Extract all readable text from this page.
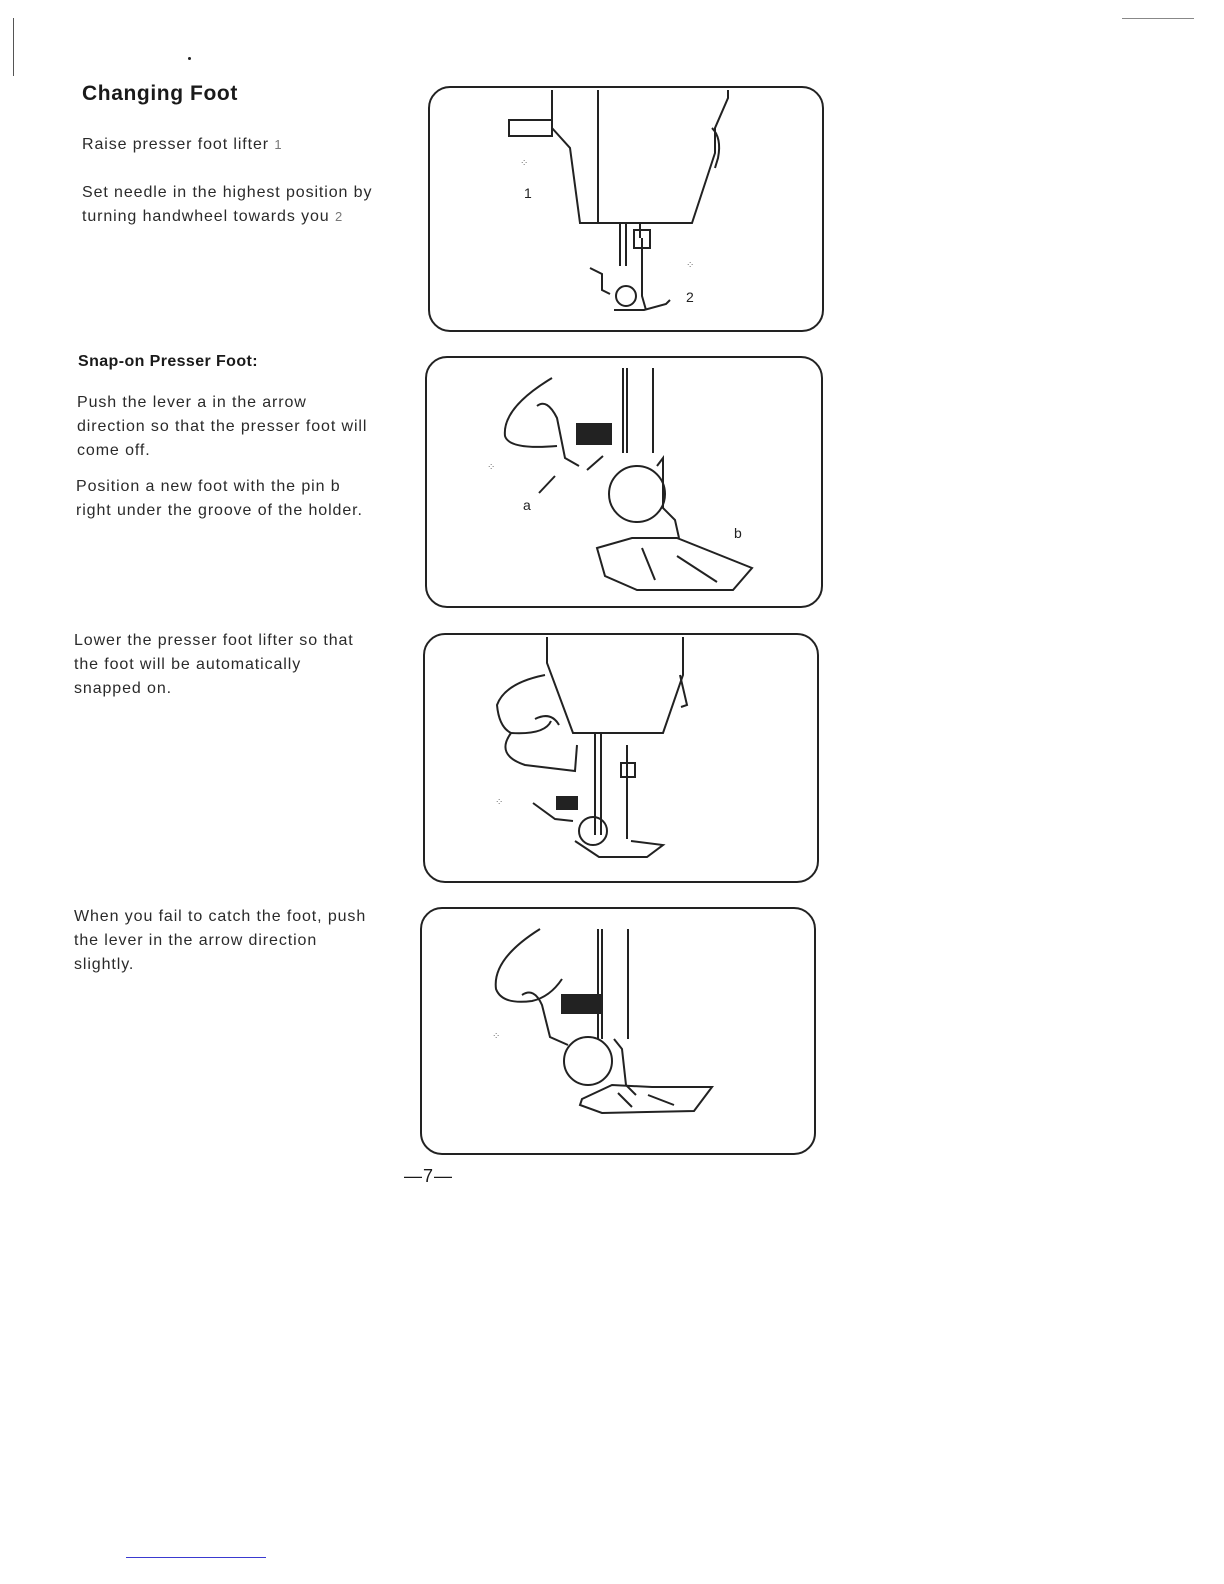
Changing Foot

Raise presser foot lifter 1

Set needle in the highest position by turning handwheel towards you 2

Snap-on Presser Foot:

Push the lever a in the arrow direction so that the presser foot will come off.

Position a new foot with the pin b right under the groove of the holder.

Lower the presser foot lifter so that the foot will be automatically snapped on.

When you fail to catch the foot, push the lever in the arrow direction slightly.

⁘
⁘
1
2
⁘
a
b
⁘
⁘

—7—
